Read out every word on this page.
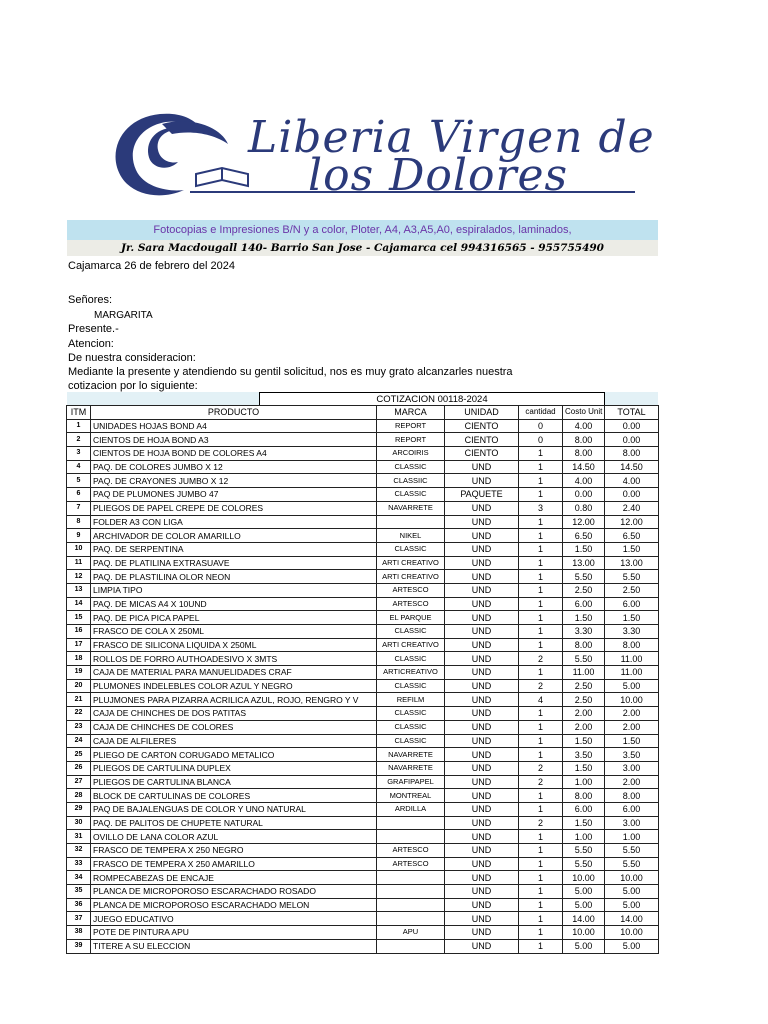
Liberia Virgen de
los Dolores
Fotocopias e Impresiones B/N y a color, Ploter, A4, A3,A5,A0, espiralados, laminados,
Jr. Sara Macdougall 140- Barrio San Jose - Cajamarca cel 994316565 - 955755490
Cajamarca 26 de febrero del 2024
Señores:
MARGARITA
Presente.-
Atencion:
De nuestra consideracion:
Mediante la presente y atendiendo su gentil solicitud, nos es muy grato alcanzarles nuestra
cotizacion por lo siguiente:
COTIZACION 00118-2024
ITM	PRODUCTO	MARCA	UNIDAD	cantidad	Costo Unit	TOTAL
1	UNIDADES HOJAS BOND A4	REPORT	CIENTO	0	4.00	0.00
2	CIENTOS DE HOJA BOND A3	REPORT	CIENTO	0	8.00	0.00
3	CIENTOS DE HOJA BOND DE COLORES A4	ARCOIRIS	CIENTO	1	8.00	8.00
4	PAQ. DE COLORES JUMBO X 12	CLASSIC	UND	1	14.50	14.50
5	PAQ. DE CRAYONES JUMBO X 12	CLASSIIC	UND	1	4.00	4.00
6	PAQ DE PLUMONES JUMBO 47	CLASSIC	PAQUETE	1	0.00	0.00
7	PLIEGOS DE PAPEL CREPE DE COLORES	NAVARRETE	UND	3	0.80	2.40
8	FOLDER A3 CON LIGA		UND	1	12.00	12.00
9	ARCHIVADOR DE COLOR AMARILLO	NIKEL	UND	1	6.50	6.50
10	PAQ. DE SERPENTINA	CLASSIC	UND	1	1.50	1.50
11	PAQ. DE PLATILINA EXTRASUAVE	ARTI CREATIVO	UND	1	13.00	13.00
12	PAQ. DE PLASTILINA OLOR NEON	ARTI CREATIVO	UND	1	5.50	5.50
13	LIMPIA TIPO	ARTESCO	UND	1	2.50	2.50
14	PAQ. DE MICAS A4 X 10UND	ARTESCO	UND	1	6.00	6.00
15	PAQ. DE PICA PICA PAPEL	EL PARQUE	UND	1	1.50	1.50
16	FRASCO DE COLA X 250ML	CLASSIC	UND	1	3.30	3.30
17	FRASCO DE SILICONA LIQUIDA X 250ML	ARTI CREATIVO	UND	1	8.00	8.00
18	ROLLOS DE FORRO AUTHOADESIVO X 3MTS	CLASSIC	UND	2	5.50	11.00
19	CAJA DE MATERIAL PARA MANUELIDADES CRAF	ARTICREATIVO	UND	1	11.00	11.00
20	PLUMONES INDELEBLES COLOR AZUL Y NEGRO	CLASSIC	UND	2	2.50	5.00
21	PLUJMONES PARA PIZARRA ACRILICA AZUL, ROJO, RENGRO Y V	REFILM	UND	4	2.50	10.00
22	CAJA DE CHINCHES DE DOS PATITAS	CLASSIC	UND	1	2.00	2.00
23	CAJA DE CHINCHES DE COLORES	CLASSIC	UND	1	2.00	2.00
24	CAJA DE ALFILERES	CLASSIC	UND	1	1.50	1.50
25	PLIEGO DE CARTON CORUGADO METALICO	NAVARRETE	UND	1	3.50	3.50
26	PLIEGOS DE CARTULINA DUPLEX	NAVARRETE	UND	2	1.50	3.00
27	PLIEGOS DE CARTULINA BLANCA	GRAFIPAPEL	UND	2	1.00	2.00
28	BLOCK DE CARTULINAS DE COLORES	MONTREAL	UND	1	8.00	8.00
29	PAQ DE BAJALENGUAS DE COLOR Y UNO NATURAL	ARDILLA	UND	1	6.00	6.00
30	PAQ. DE PALITOS DE CHUPETE NATURAL		UND	2	1.50	3.00
31	OVILLO DE LANA COLOR AZUL		UND	1	1.00	1.00
32	FRASCO DE TEMPERA X 250 NEGRO	ARTESCO	UND	1	5.50	5.50
33	FRASCO DE TEMPERA X 250 AMARILLO	ARTESCO	UND	1	5.50	5.50
34	ROMPECABEZAS DE ENCAJE		UND	1	10.00	10.00
35	PLANCA DE MICROPOROSO ESCARACHADO ROSADO		UND	1	5.00	5.00
36	PLANCA DE MICROPOROSO ESCARACHADO MELON		UND	1	5.00	5.00
37	JUEGO EDUCATIVO		UND	1	14.00	14.00
38	POTE DE PINTURA APU	APU	UND	1	10.00	10.00
39	TITERE A SU ELECCION		UND	1	5.00	5.00
